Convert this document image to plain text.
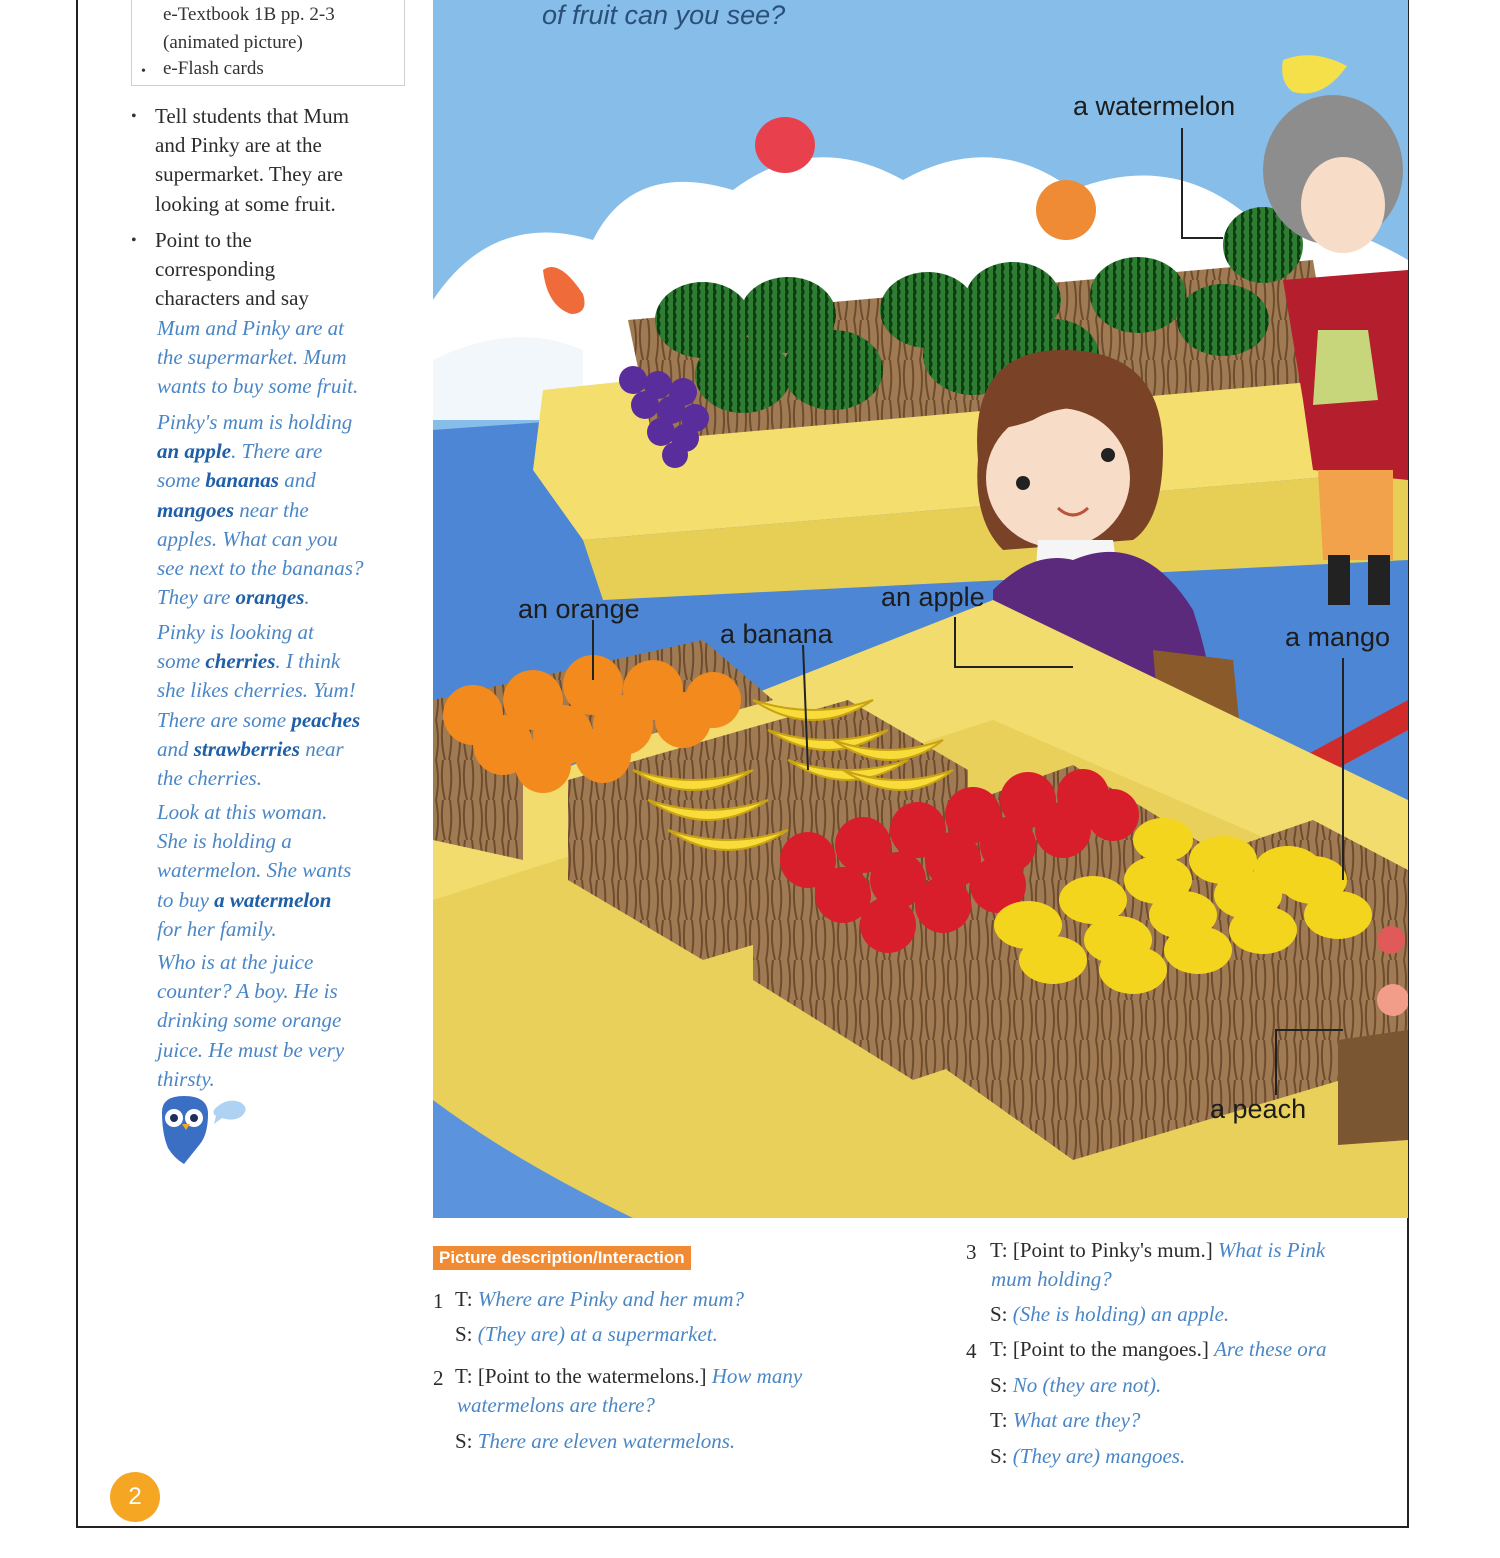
e-Textbook 1B pp. 2-3
(animated picture)
• e-Flash cards
• Tell students that Mum
and Pinky are at the
supermarket. They are
looking at some fruit.
• Point to the
corresponding
characters and say
Mum and Pinky are at
the supermarket. Mum
wants to buy some fruit.
Pinky's mum is holding
an apple. There are
some bananas and
mangoes near the
apples. What can you
see next to the bananas?
They are oranges.
Pinky is looking at
some cherries. I think
she likes cherries. Yum!
There are some peaches
and strawberries near
the cherries.
Look at this woman.
She is holding a
watermelon. She wants
to buy a watermelon
for her family.
Who is at the juice
counter? A boy. He is
drinking some orange
juice. He must be very
thirsty.
of fruit can you see?
a watermelon
an orange
a banana
an apple
a mango
a peach
Picture description/Interaction
1 T: Where are Pinky and her mum?
S: (They are) at a supermarket.
2 T: [Point to the watermelons.] How many
watermelons are there?
S: There are eleven watermelons.
3 T: [Point to Pinky's mum.] What is Pink
mum holding?
S: (She is holding) an apple.
4 T: [Point to the mangoes.] Are these ora
S: No (they are not).
T: What are they?
S: (They are) mangoes.
2
